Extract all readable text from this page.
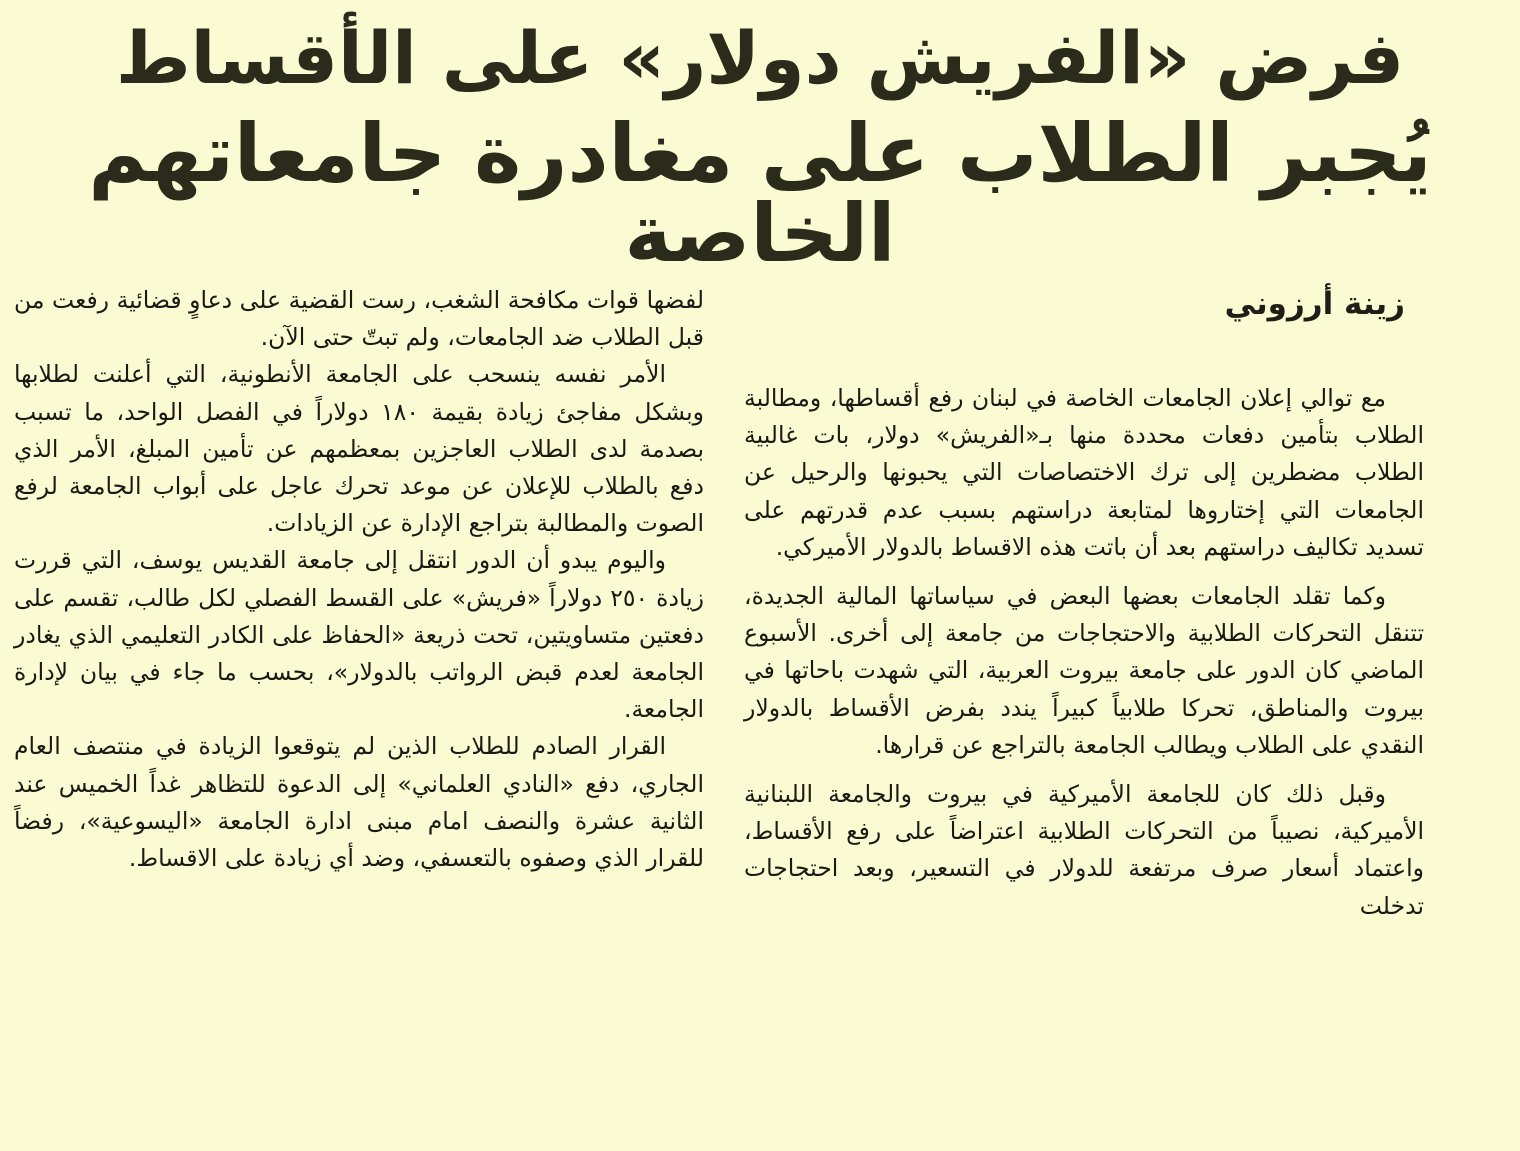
فرض «الفريش دولار» على الأقساط
يُجبر الطلاب على مغادرة جامعاتهم الخاصة
زينة أرزوني

مع توالي إعلان الجامعات الخاصة في لبنان رفع أقساطها، ومطالبة الطلاب بتأمين دفعات محددة منها بـ«الفريش» دولار، بات غالبية الطلاب مضطرين إلى ترك الاختصاصات التي يحبونها والرحيل عن الجامعات التي إختاروها لمتابعة دراستهم بسبب عدم قدرتهم على تسديد تكاليف دراستهم بعد أن باتت هذه الاقساط بالدولار الأميركي.

وكما تقلد الجامعات بعضها البعض في سياساتها المالية الجديدة، تتنقل التحركات الطلابية والاحتجاجات من جامعة إلى أخرى. الأسبوع الماضي كان الدور على جامعة بيروت العربية، التي شهدت باحاتها في بيروت والمناطق، تحركا طلابياً كبيراً يندد بفرض الأقساط بالدولار النقدي على الطلاب ويطالب الجامعة بالتراجع عن قرارها.

وقبل ذلك كان للجامعة الأميركية في بيروت والجامعة اللبنانية الأميركية، نصيباً من التحركات الطلابية اعتراضاً على رفع الأقساط، واعتماد أسعار صرف مرتفعة للدولار في التسعير، وبعد احتجاجات تدخلت

لفضها قوات مكافحة الشغب، رست القضية على دعاوٍ قضائية رفعت من قبل الطلاب ضد الجامعات، ولم تبتّ حتى الآن.

الأمر نفسه ينسحب على الجامعة الأنطونية، التي أعلنت لطلابها وبشكل مفاجئ زيادة بقيمة ١٨٠ دولاراً في الفصل الواحد، ما تسبب بصدمة لدى الطلاب العاجزين بمعظمهم عن تأمين المبلغ، الأمر الذي دفع بالطلاب للإعلان عن موعد تحرك عاجل على أبواب الجامعة لرفع الصوت والمطالبة بتراجع الإدارة عن الزيادات.

واليوم يبدو أن الدور انتقل إلى جامعة القديس يوسف، التي قررت زيادة ٢٥٠ دولاراً «فريش» على القسط الفصلي لكل طالب، تقسم على دفعتين متساويتين، تحت ذريعة «الحفاظ على الكادر التعليمي الذي يغادر الجامعة لعدم قبض الرواتب بالدولار»، بحسب ما جاء في بيان لإدارة الجامعة.

القرار الصادم للطلاب الذين لم يتوقعوا الزيادة في منتصف العام الجاري، دفع «النادي العلماني» إلى الدعوة للتظاهر غداً الخميس عند الثانية عشرة والنصف امام مبنى ادارة الجامعة «اليسوعية»، رفضاً للقرار الذي وصفوه بالتعسفي، وضد أي زيادة على الاقساط.
